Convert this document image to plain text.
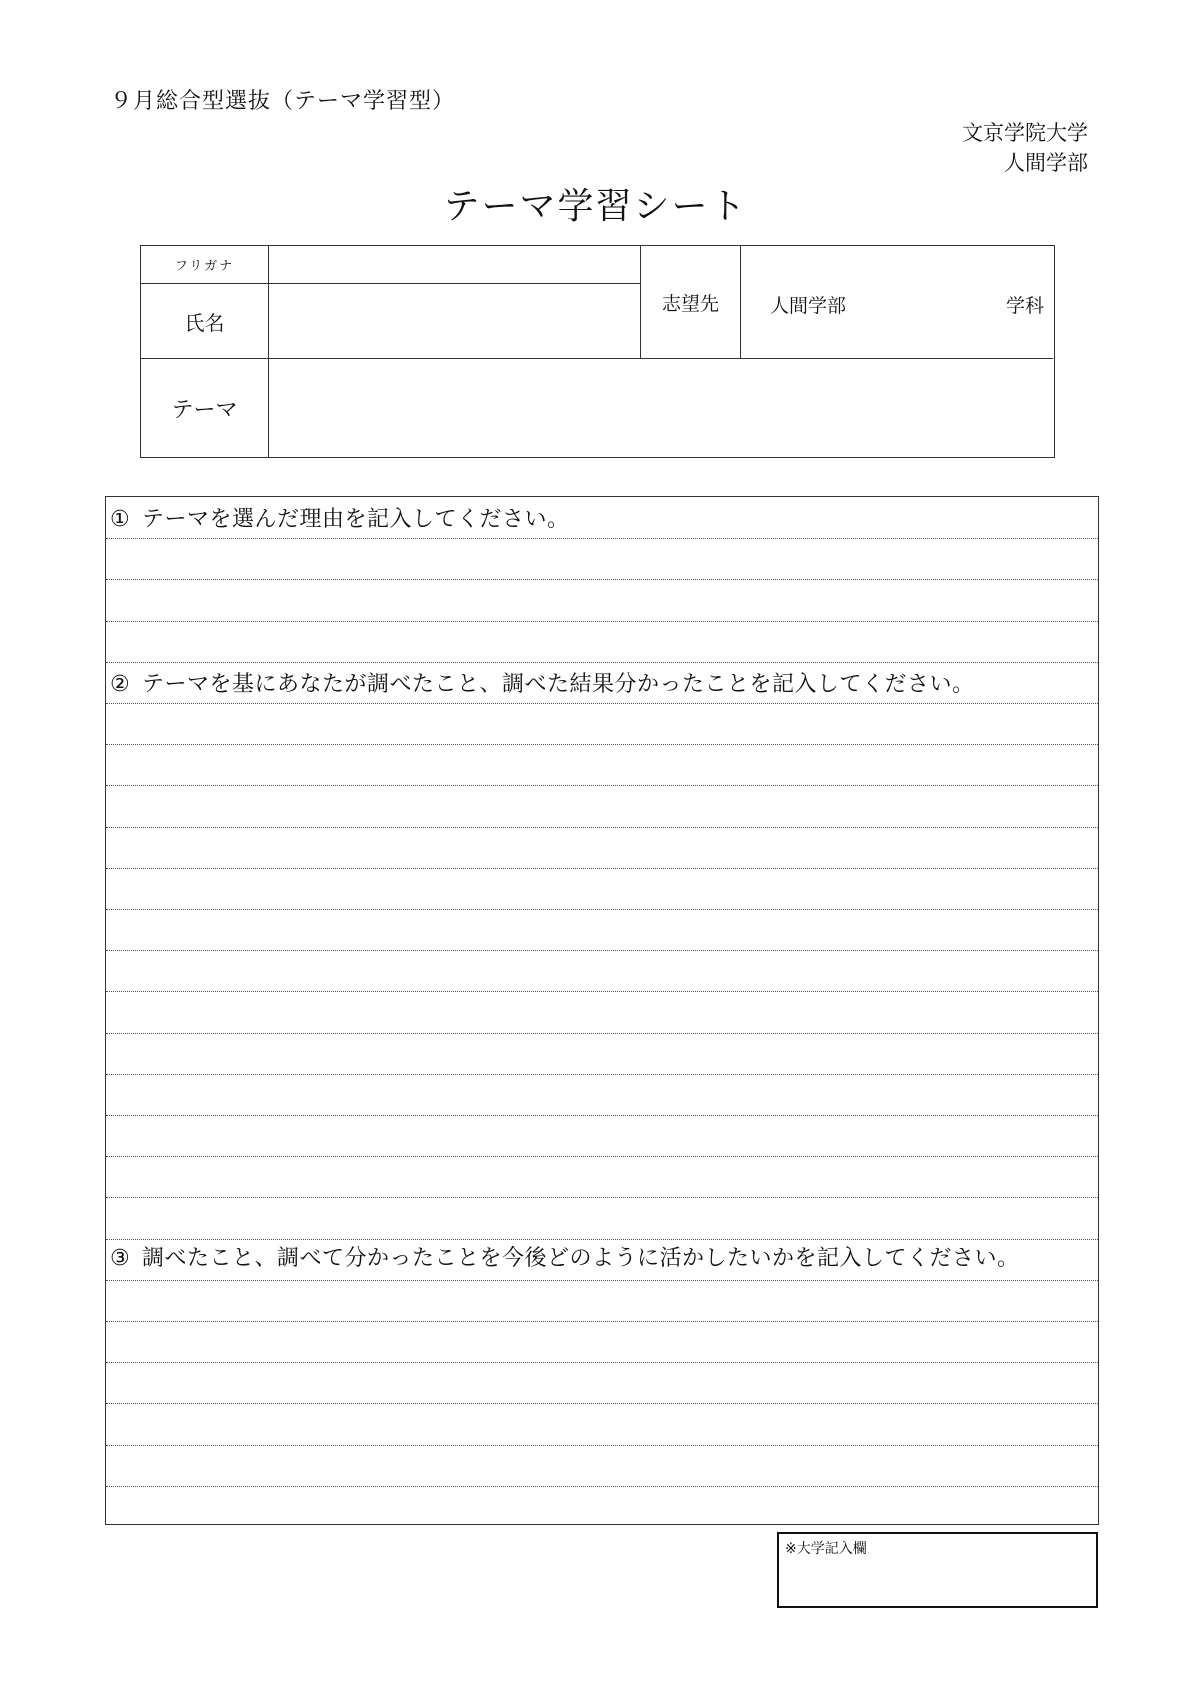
９月総合型選抜（テーマ学習型）
文京学院大学
人間学部
テーマ学習シート
フリガナ
氏名
志望先	人間学部	学科
テーマ
① テーマを選んだ理由を記入してください。
② テーマを基にあなたが調べたこと、調べた結果分かったことを記入してください。
③ 調べたこと、調べて分かったことを今後どのように活かしたいかを記入してください。
※大学記入欄
